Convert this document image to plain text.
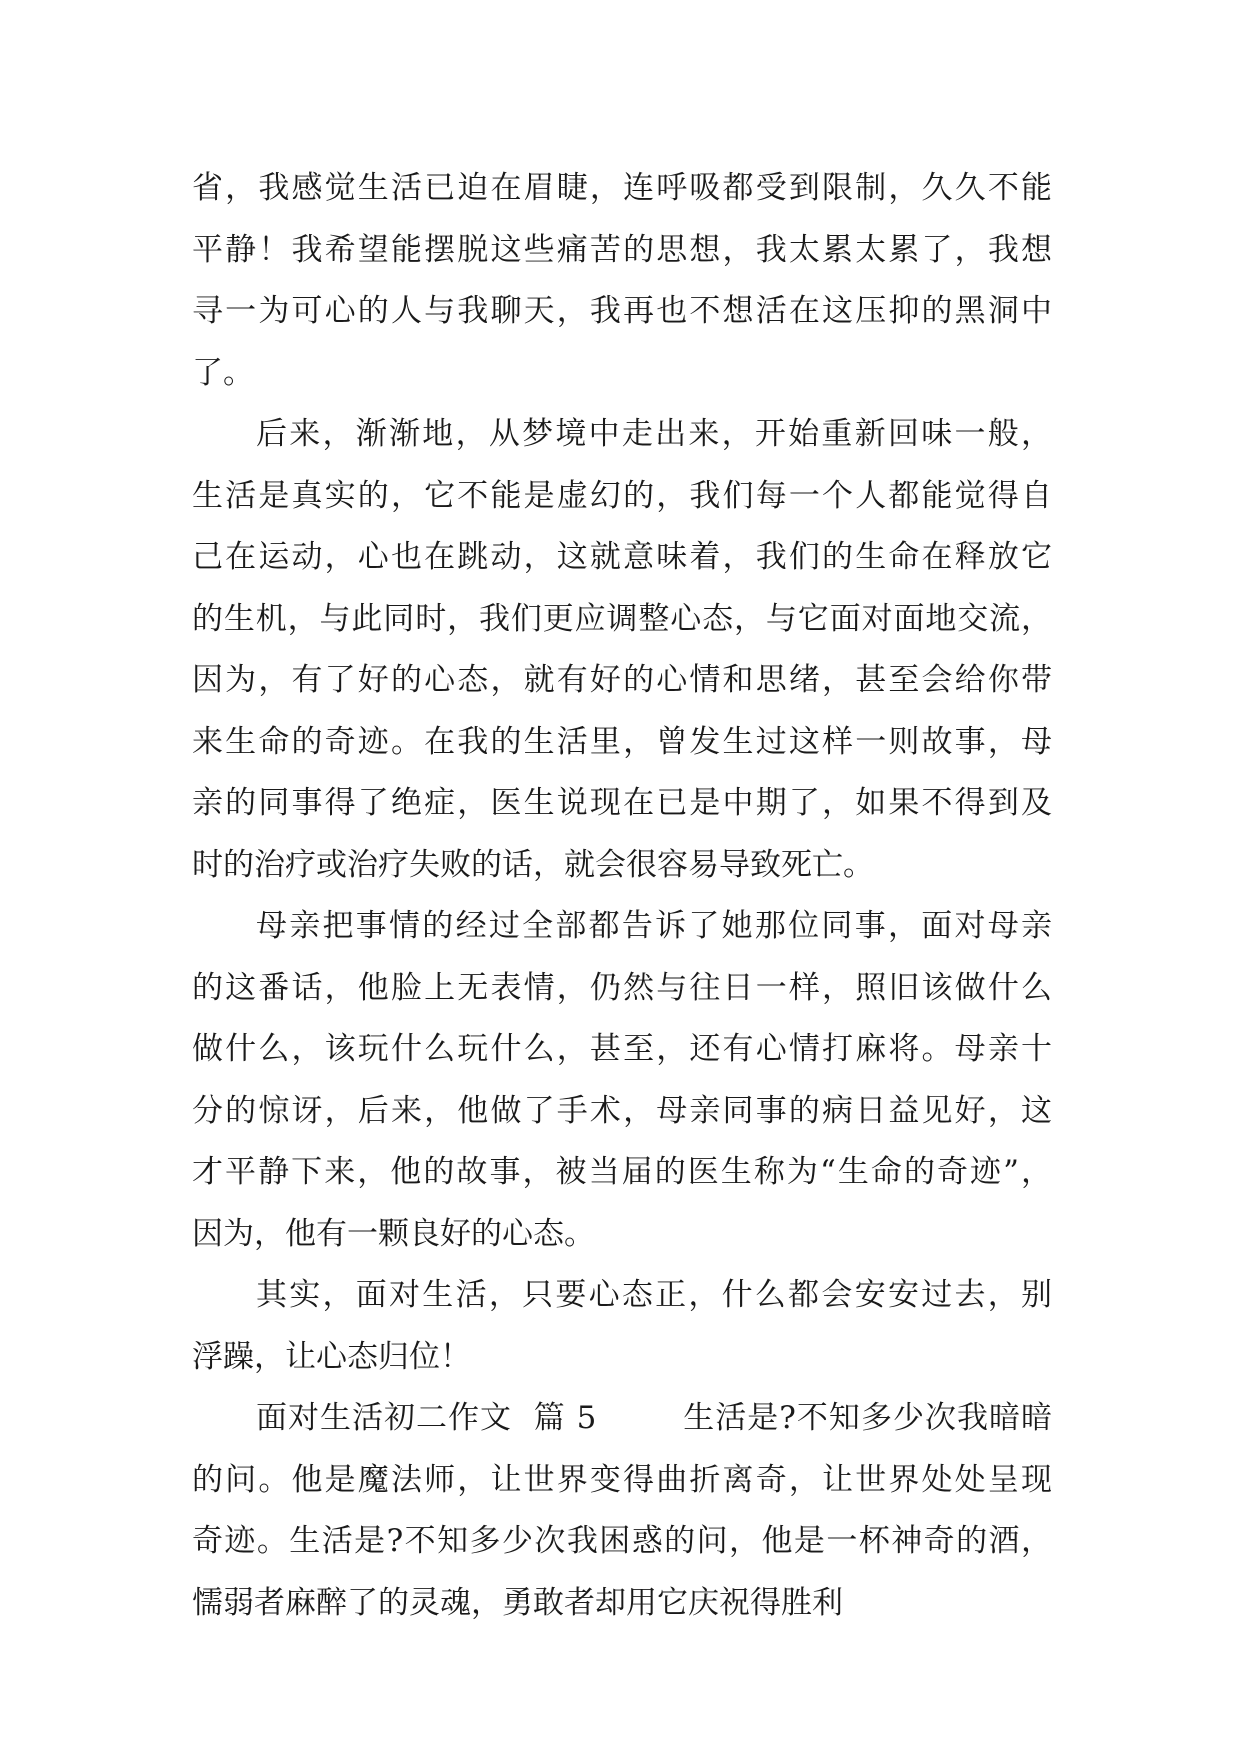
省，我感觉生活已迫在眉睫，连呼吸都受到限制，久久不能
平静！我希望能摆脱这些痛苦的思想，我太累太累了，我想
寻一为可心的人与我聊天，我再也不想活在这压抑的黑洞中
了。
后来，渐渐地，从梦境中走出来，开始重新回味一般，
生活是真实的，它不能是虚幻的，我们每一个人都能觉得自
己在运动，心也在跳动，这就意味着，我们的生命在释放它
的生机，与此同时，我们更应调整心态，与它面对面地交流，
因为，有了好的心态，就有好的心情和思绪，甚至会给你带
来生命的奇迹。在我的生活里，曾发生过这样一则故事，母
亲的同事得了绝症，医生说现在已是中期了，如果不得到及
时的治疗或治疗失败的话，就会很容易导致死亡。
母亲把事情的经过全部都告诉了她那位同事，面对母亲
的这番话，他脸上无表情，仍然与往日一样，照旧该做什么
做什么，该玩什么玩什么，甚至，还有心情打麻将。母亲十
分的惊讶，后来，他做了手术，母亲同事的病日益见好，这
才平静下来，他的故事，被当届的医生称为“生命的奇迹”，
因为，他有一颗良好的心态。
其实，面对生活，只要心态正，什么都会安安过去，别
浮躁，让心态归位！
面对生活初二作文  篇 5        生活是?不知多少次我暗暗
的问。他是魔法师，让世界变得曲折离奇，让世界处处呈现
奇迹。生活是?不知多少次我困惑的问，他是一杯神奇的酒，
懦弱者麻醉了的灵魂，勇敢者却用它庆祝得胜利
